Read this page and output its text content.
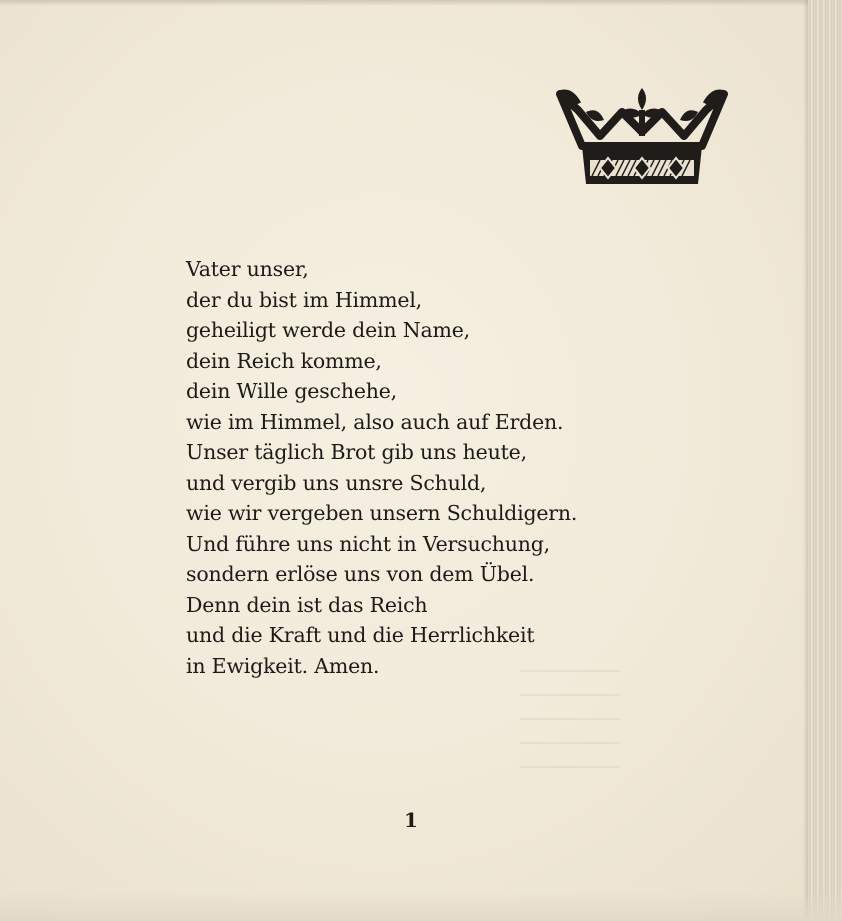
Vater unser,
der du bist im Himmel,
geheiligt werde dein Name,
dein Reich komme,
dein Wille geschehe,
wie im Himmel, also auch auf Erden.
Unser täglich Brot gib uns heute,
und vergib uns unsre Schuld,
wie wir vergeben unsern Schuldigern.
Und führe uns nicht in Versuchung,
sondern erlöse uns von dem Übel.
Denn dein ist das Reich
und die Kraft und die Herrlichkeit
in Ewigkeit. Amen.
1
